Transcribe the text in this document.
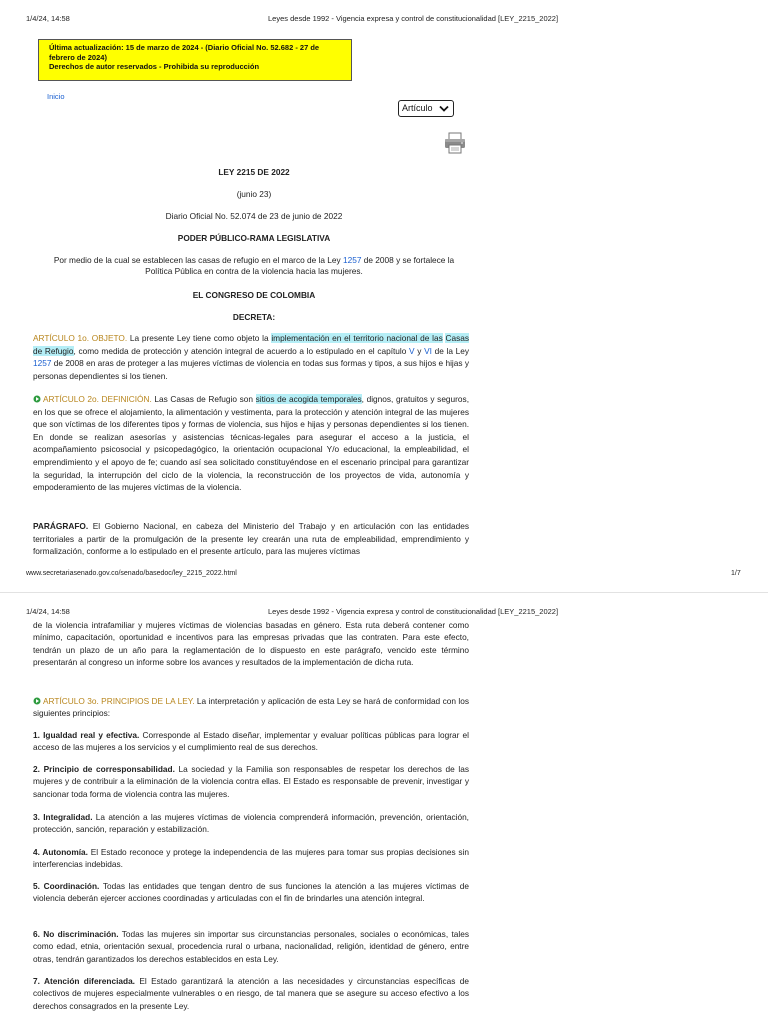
1/4/24, 14:58	Leyes desde 1992 - Vigencia expresa y control de constitucionalidad [LEY_2215_2022]
Última actualización: 15 de marzo de 2024 - (Diario Oficial No. 52.682 - 27 de
febrero de 2024)
Derechos de autor reservados - Prohibida su reproducción
Inicio
Artículo
LEY 2215 DE 2022
(junio 23)
Diario Oficial No. 52.074 de 23 de junio de 2022
PODER PÚBLICO-RAMA LEGISLATIVA
Por medio de la cual se establecen las casas de refugio en el marco de la Ley 1257 de 2008 y se fortalece la
Política Pública en contra de la violencia hacia las mujeres.
EL CONGRESO DE COLOMBIA
DECRETA:
ARTÍCULO 1o. OBJETO. La presente Ley tiene como objeto la implementación en el territorio nacional de las Casas de Refugio, como medida de protección y atención integral de acuerdo a lo estipulado en el capítulo V y VI de la Ley 1257 de 2008 en aras de proteger a las mujeres víctimas de violencia en todas sus formas y tipos, a sus hijos e hijas y personas dependientes si los tienen.
ARTÍCULO 2o. DEFINICIÓN. Las Casas de Refugio son sitios de acogida temporales, dignos, gratuitos y seguros, en los que se ofrece el alojamiento, la alimentación y vestimenta, para la protección y atención integral de las mujeres que son víctimas de los diferentes tipos y formas de violencia, sus hijos e hijas y personas dependientes si los tienen. En donde se realizan asesorías y asistencias técnicas-legales para asegurar el acceso a la justicia, el acompañamiento psicosocial y psicopedagógico, la orientación ocupacional Y/o educacional, la empleabilidad, el emprendimiento y el apoyo de fe; cuando así sea solicitado constituyéndose en el escenario principal para garantizar la seguridad, la interrupción del ciclo de la violencia, la reconstrucción de los proyectos de vida, autonomía y empoderamiento de las mujeres víctimas de la violencia.
PARÁGRAFO. El Gobierno Nacional, en cabeza del Ministerio del Trabajo y en articulación con las entidades territoriales a partir de la promulgación de la presente ley crearán una ruta de empleabilidad, emprendimiento y formalización, conforme a lo estipulado en el presente artículo, para las mujeres víctimas
www.secretariasenado.gov.co/senado/basedoc/ley_2215_2022.html	1/7
1/4/24, 14:58	Leyes desde 1992 - Vigencia expresa y control de constitucionalidad [LEY_2215_2022]
de la violencia intrafamiliar y mujeres víctimas de violencias basadas en género. Esta ruta deberá contener como mínimo, capacitación, oportunidad e incentivos para las empresas privadas que las contraten. Para este efecto, tendrán un plazo de un año para la reglamentación de lo dispuesto en este parágrafo, vencido este término presentarán al congreso un informe sobre los avances y resultados de la implementación de dicha ruta.
ARTÍCULO 3o. PRINCIPIOS DE LA LEY. La interpretación y aplicación de esta Ley se hará de conformidad con los siguientes principios:
1. Igualdad real y efectiva. Corresponde al Estado diseñar, implementar y evaluar políticas públicas para lograr el acceso de las mujeres a los servicios y el cumplimiento real de sus derechos.
2. Principio de corresponsabilidad. La sociedad y la Familia son responsables de respetar los derechos de las mujeres y de contribuir a la eliminación de la violencia contra ellas. El Estado es responsable de prevenir, investigar y sancionar toda forma de violencia contra las mujeres.
3. Integralidad. La atención a las mujeres víctimas de violencia comprenderá información, prevención, orientación, protección, sanción, reparación y estabilización.
4. Autonomía. El Estado reconoce y protege la independencia de las mujeres para tomar sus propias decisiones sin interferencias indebidas.
5. Coordinación. Todas las entidades que tengan dentro de sus funciones la atención a las mujeres víctimas de violencia deberán ejercer acciones coordinadas y articuladas con el fin de brindarles una atención integral.
6. No discriminación. Todas las mujeres sin importar sus circunstancias personales, sociales o económicas, tales como edad, etnia, orientación sexual, procedencia rural o urbana, nacionalidad, religión, identidad de género, entre otras, tendrán garantizados los derechos establecidos en esta Ley.
7. Atención diferenciada. El Estado garantizará la atención a las necesidades y circunstancias específicas de colectivos de mujeres especialmente vulnerables o en riesgo, de tal manera que se asegure su acceso efectivo a los derechos consagrados en la presente Ley.
